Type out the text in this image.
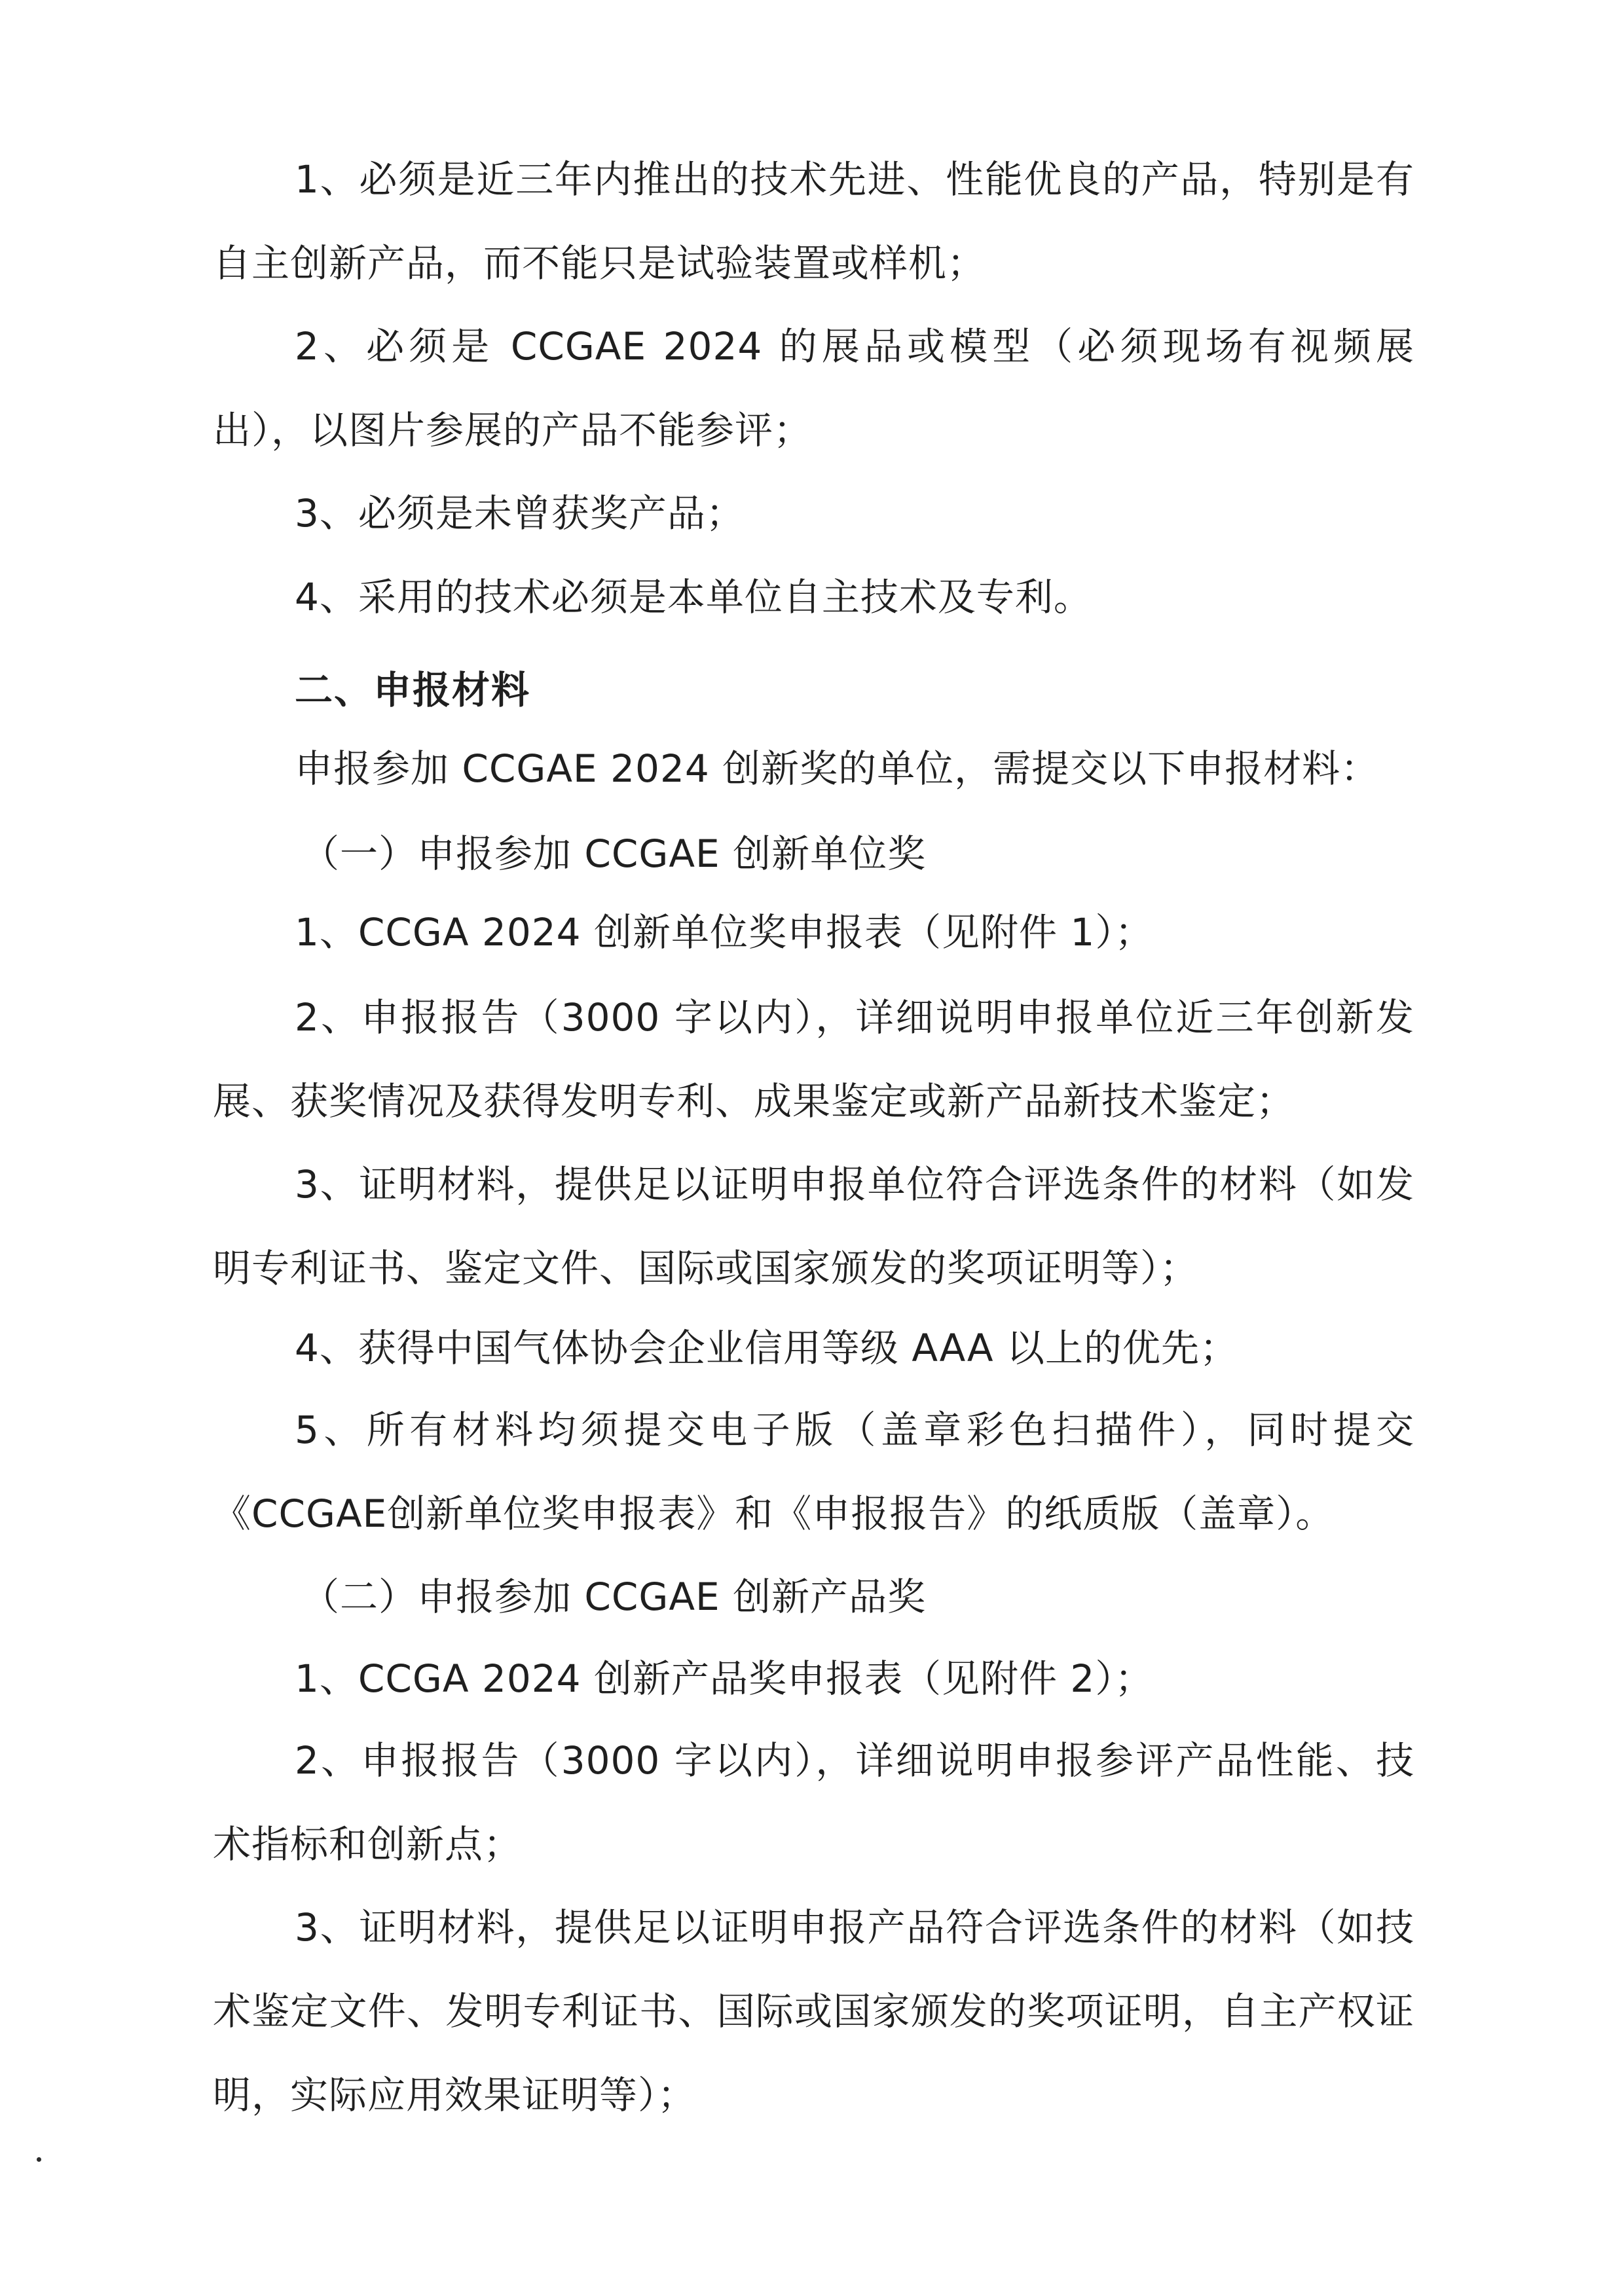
1、必须是近三年内推出的技术先进、性能优良的产品，特别是有自主创新产品，而不能只是试验装置或样机；

2、必须是 CCGAE 2024 的展品或模型（必须现场有视频展出），以图片参展的产品不能参评；

3、必须是未曾获奖产品；

4、采用的技术必须是本单位自主技术及专利。

二、申报材料

申报参加 CCGAE 2024 创新奖的单位，需提交以下申报材料：

（一）申报参加 CCGAE 创新单位奖

1、CCGA 2024 创新单位奖申报表（见附件 1）；

2、申报报告（3000 字以内），详细说明申报单位近三年创新发展、获奖情况及获得发明专利、成果鉴定或新产品新技术鉴定；

3、证明材料，提供足以证明申报单位符合评选条件的材料（如发明专利证书、鉴定文件、国际或国家颁发的奖项证明等）；

4、获得中国气体协会企业信用等级 AAA 以上的优先；

5、所有材料均须提交电子版（盖章彩色扫描件），同时提交《CCGAE创新单位奖申报表》和《申报报告》的纸质版（盖章）。

（二）申报参加 CCGAE 创新产品奖

1、CCGA 2024 创新产品奖申报表（见附件 2）；

2、申报报告（3000 字以内），详细说明申报参评产品性能、技术指标和创新点；

3、证明材料，提供足以证明申报产品符合评选条件的材料（如技术鉴定文件、发明专利证书、国际或国家颁发的奖项证明，自主产权证明，实际应用效果证明等）；
